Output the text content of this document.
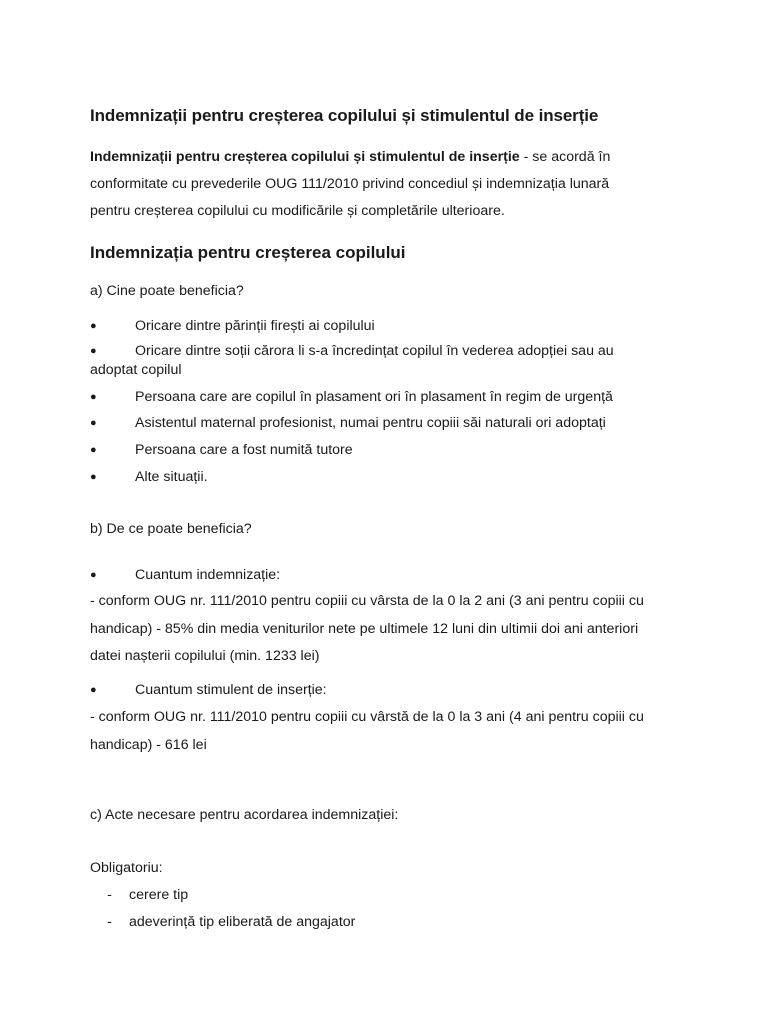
Indemnizații pentru creșterea copilului și stimulentul de inserție
Indemnizații pentru creșterea copilului și stimulentul de inserție - se acordă în conformitate cu prevederile OUG 111/2010 privind concediul și indemnizația lunară pentru creșterea copilului cu modificările și completările ulterioare.
Indemnizația pentru creșterea copilului
a) Cine poate beneficia?
●	Oricare dintre părinții firești ai copilului
●	Oricare dintre soții cărora li s-a încredințat copilul în vederea adopției sau au adoptat copilul
●	Persoana care are copilul în plasament ori în plasament în regim de urgență
●	Asistentul maternal profesionist, numai pentru copiii săi naturali ori adoptați
●	Persoana care a fost numită tutore
●	Alte situații.
b) De ce poate beneficia?
●	Cuantum indemnizație:
- conform OUG nr. 111/2010 pentru copiii cu vârsta de la 0 la 2 ani (3 ani pentru copiii cu handicap) - 85% din media veniturilor nete pe ultimele 12 luni din ultimii doi ani anteriori datei nașterii copilului (min. 1233 lei)
●	Cuantum stimulent de inserție:
- conform OUG nr. 111/2010 pentru copiii cu vârstă de la 0 la 3 ani (4 ani pentru copiii cu handicap) - 616 lei
c) Acte necesare pentru acordarea indemnizației:
Obligatoriu:
- cerere tip
- adeverință tip eliberată de angajator
